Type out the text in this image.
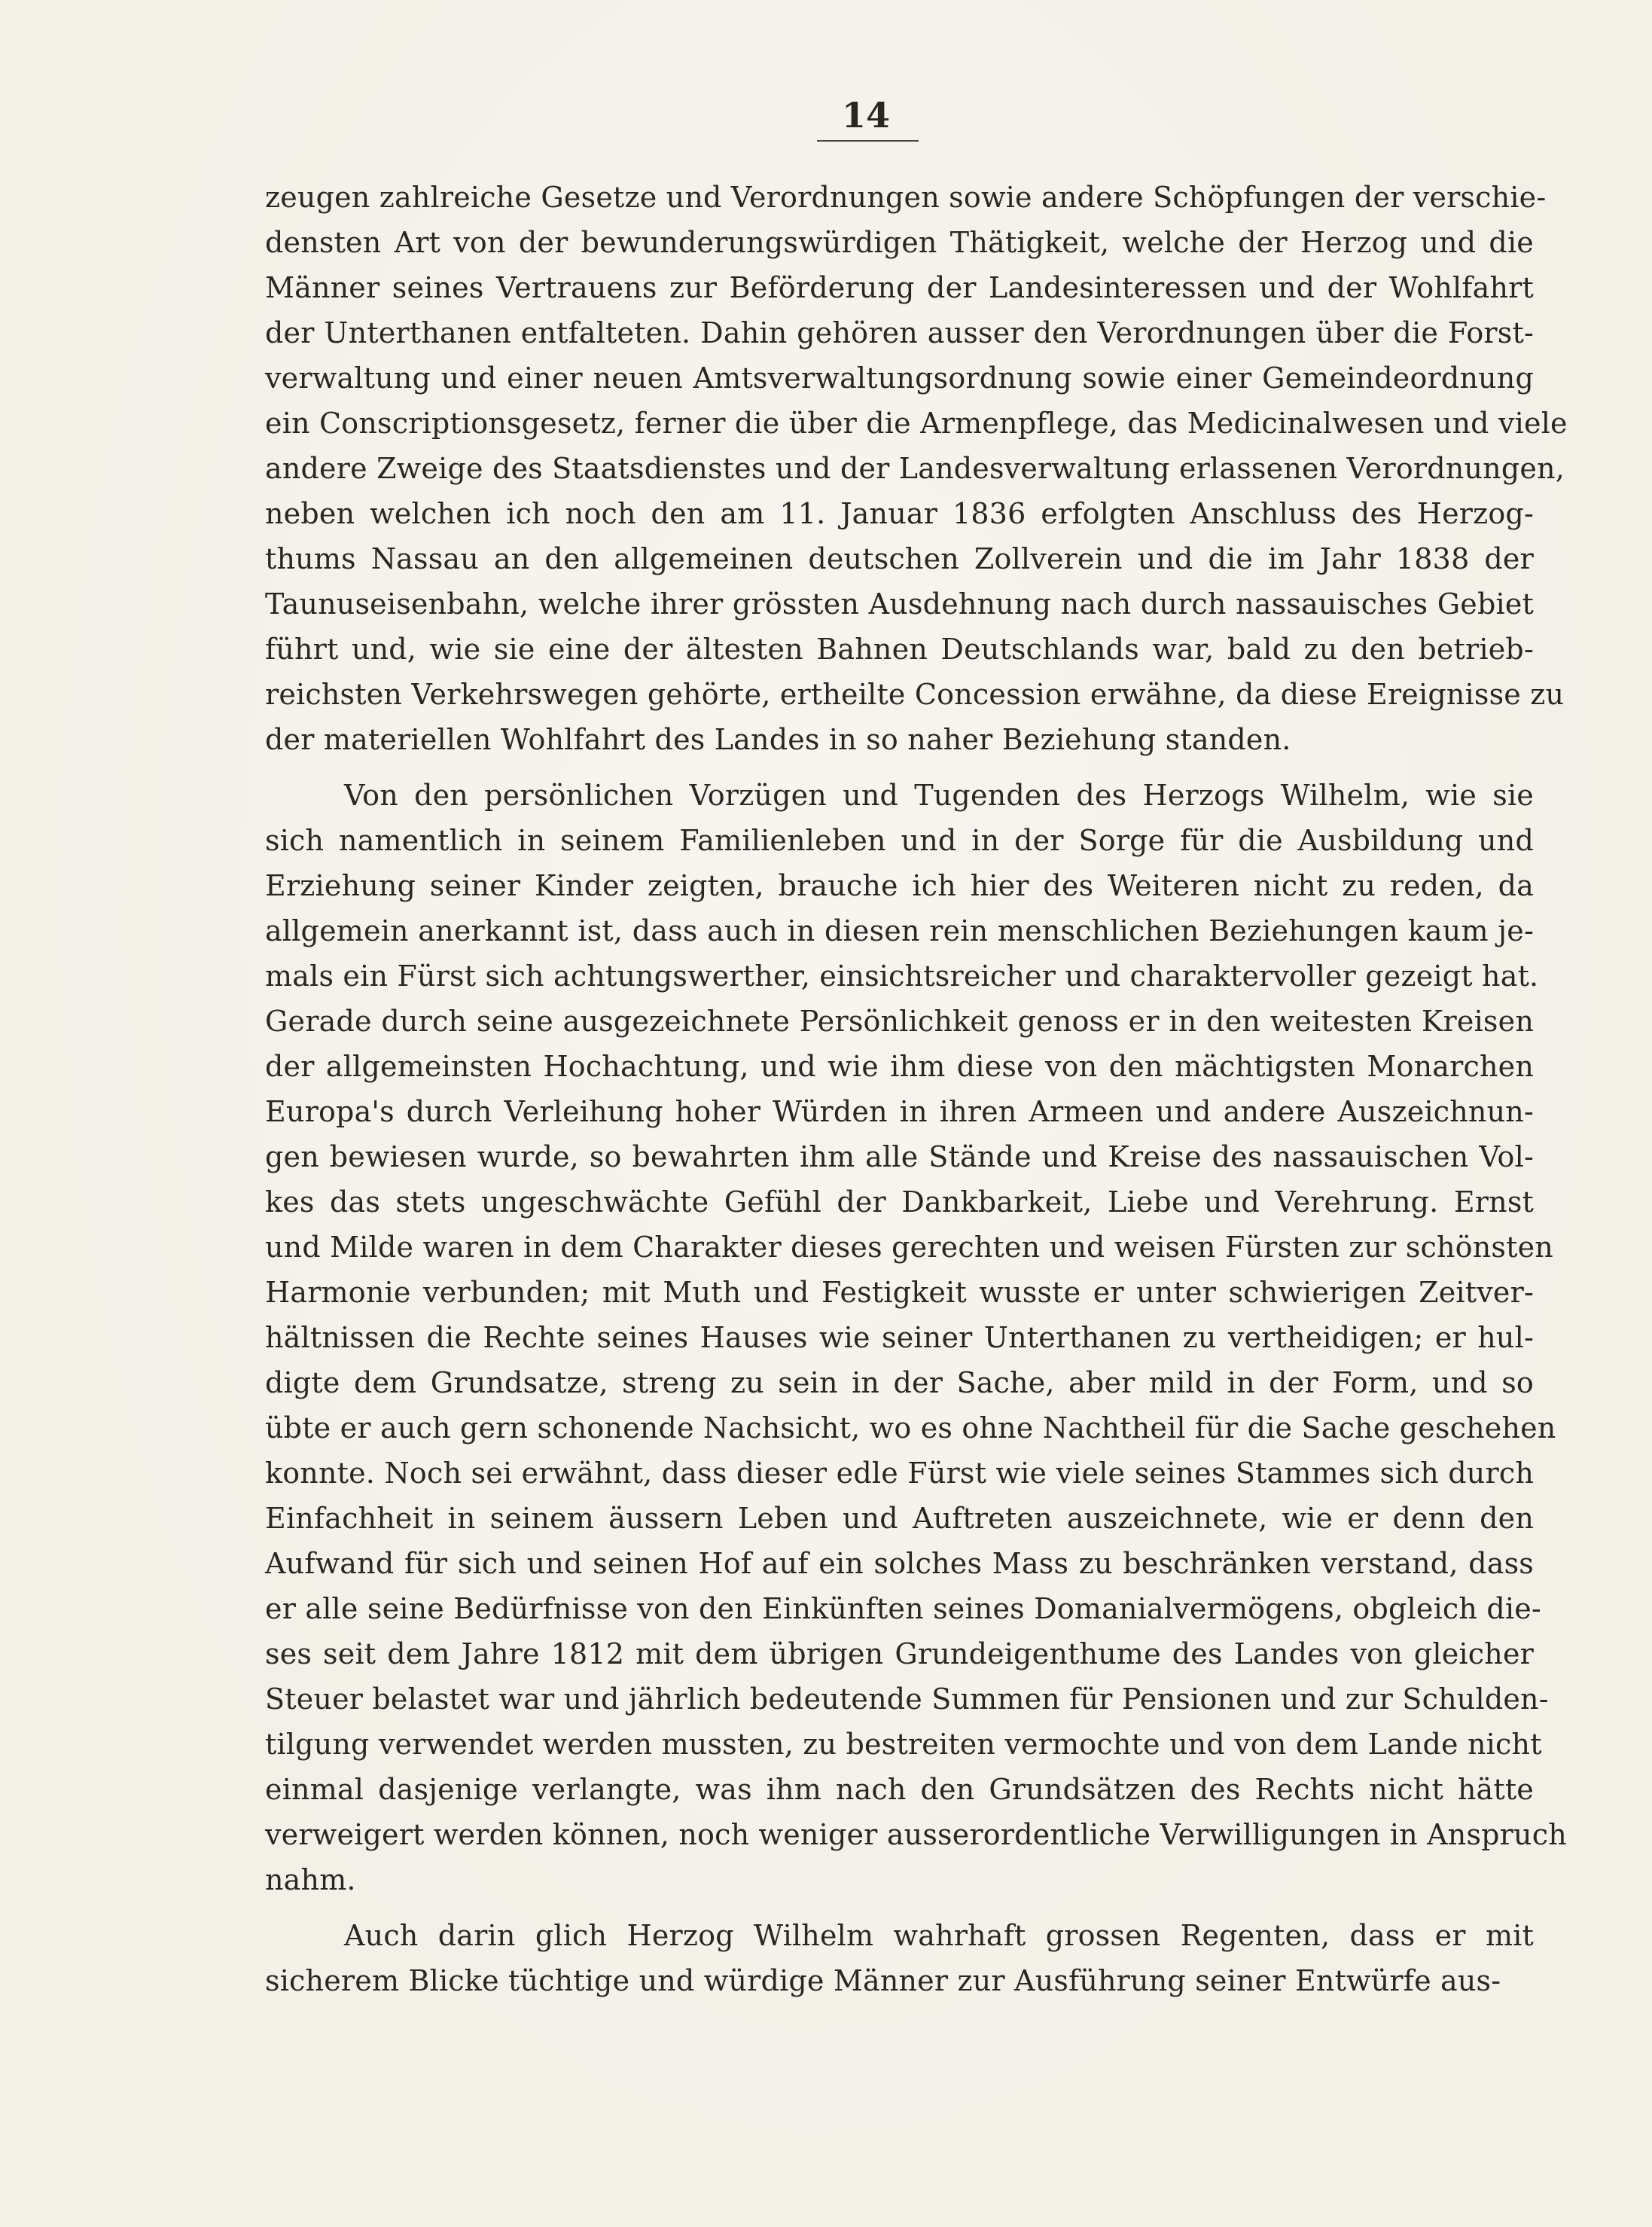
14
zeugen zahlreiche Gesetze und Verordnungen sowie andere Schöpfungen der verschie-
densten Art von der bewunderungswürdigen Thätigkeit, welche der Herzog und die
Männer seines Vertrauens zur Beförderung der Landesinteressen und der Wohlfahrt
der Unterthanen entfalteten. Dahin gehören ausser den Verordnungen über die Forst-
verwaltung und einer neuen Amtsverwaltungsordnung sowie einer Gemeindeordnung
ein Conscriptionsgesetz, ferner die über die Armenpflege, das Medicinalwesen und viele
andere Zweige des Staatsdienstes und der Landesverwaltung erlassenen Verordnungen,
neben welchen ich noch den am 11. Januar 1836 erfolgten Anschluss des Herzog-
thums Nassau an den allgemeinen deutschen Zollverein und die im Jahr 1838 der
Taunuseisenbahn, welche ihrer grössten Ausdehnung nach durch nassauisches Gebiet
führt und, wie sie eine der ältesten Bahnen Deutschlands war, bald zu den betrieb-
reichsten Verkehrswegen gehörte, ertheilte Concession erwähne, da diese Ereignisse zu
der materiellen Wohlfahrt des Landes in so naher Beziehung standen.
Von den persönlichen Vorzügen und Tugenden des Herzogs Wilhelm, wie sie
sich namentlich in seinem Familienleben und in der Sorge für die Ausbildung und
Erziehung seiner Kinder zeigten, brauche ich hier des Weiteren nicht zu reden, da
allgemein anerkannt ist, dass auch in diesen rein menschlichen Beziehungen kaum je-
mals ein Fürst sich achtungswerther, einsichtsreicher und charaktervoller gezeigt hat.
Gerade durch seine ausgezeichnete Persönlichkeit genoss er in den weitesten Kreisen
der allgemeinsten Hochachtung, und wie ihm diese von den mächtigsten Monarchen
Europa's durch Verleihung hoher Würden in ihren Armeen und andere Auszeichnun-
gen bewiesen wurde, so bewahrten ihm alle Stände und Kreise des nassauischen Vol-
kes das stets ungeschwächte Gefühl der Dankbarkeit, Liebe und Verehrung. Ernst
und Milde waren in dem Charakter dieses gerechten und weisen Fürsten zur schönsten
Harmonie verbunden; mit Muth und Festigkeit wusste er unter schwierigen Zeitver-
hältnissen die Rechte seines Hauses wie seiner Unterthanen zu vertheidigen; er hul-
digte dem Grundsatze, streng zu sein in der Sache, aber mild in der Form, und so
übte er auch gern schonende Nachsicht, wo es ohne Nachtheil für die Sache geschehen
konnte. Noch sei erwähnt, dass dieser edle Fürst wie viele seines Stammes sich durch
Einfachheit in seinem äussern Leben und Auftreten auszeichnete, wie er denn den
Aufwand für sich und seinen Hof auf ein solches Mass zu beschränken verstand, dass
er alle seine Bedürfnisse von den Einkünften seines Domanialvermögens, obgleich die-
ses seit dem Jahre 1812 mit dem übrigen Grundeigenthume des Landes von gleicher
Steuer belastet war und jährlich bedeutende Summen für Pensionen und zur Schulden-
tilgung verwendet werden mussten, zu bestreiten vermochte und von dem Lande nicht
einmal dasjenige verlangte, was ihm nach den Grundsätzen des Rechts nicht hätte
verweigert werden können, noch weniger ausserordentliche Verwilligungen in Anspruch
nahm.
Auch darin glich Herzog Wilhelm wahrhaft grossen Regenten, dass er mit
sicherem Blicke tüchtige und würdige Männer zur Ausführung seiner Entwürfe aus-
